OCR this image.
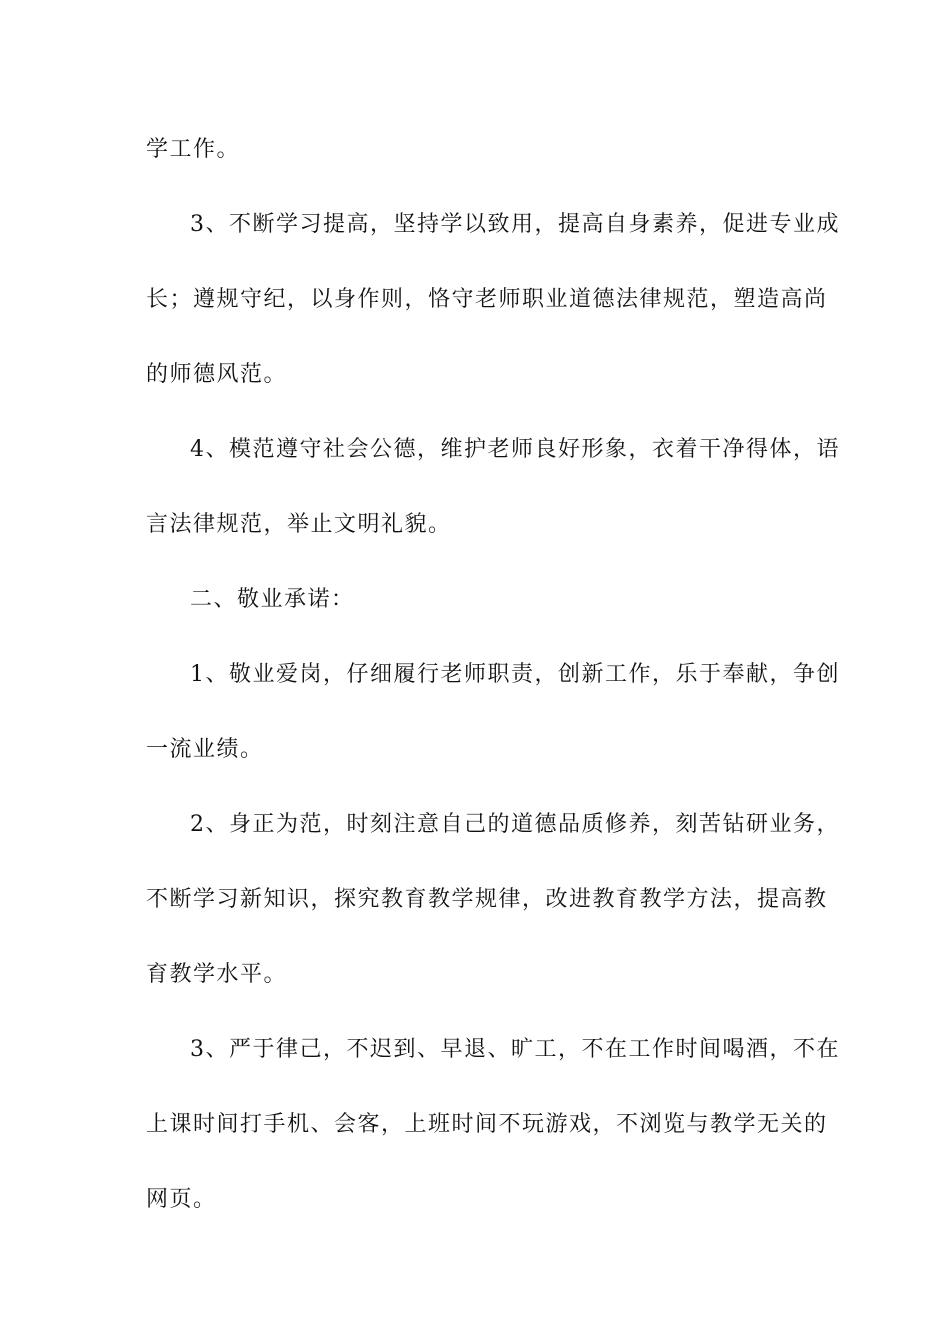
学工作。
3、不断学习提高，坚持学以致用，提高自身素养，促进专业成
长；遵规守纪，以身作则，恪守老师职业道德法律规范，塑造高尚
的师德风范。
4、模范遵守社会公德，维护老师良好形象，衣着干净得体，语
言法律规范，举止文明礼貌。
二、敬业承诺：
1、敬业爱岗，仔细履行老师职责，创新工作，乐于奉献，争创
一流业绩。
2、身正为范，时刻注意自己的道德品质修养，刻苦钻研业务，
不断学习新知识，探究教育教学规律，改进教育教学方法，提高教
育教学水平。
3、严于律己，不迟到、早退、旷工，不在工作时间喝酒，不在
上课时间打手机、会客，上班时间不玩游戏，不浏览与教学无关的
网页。
